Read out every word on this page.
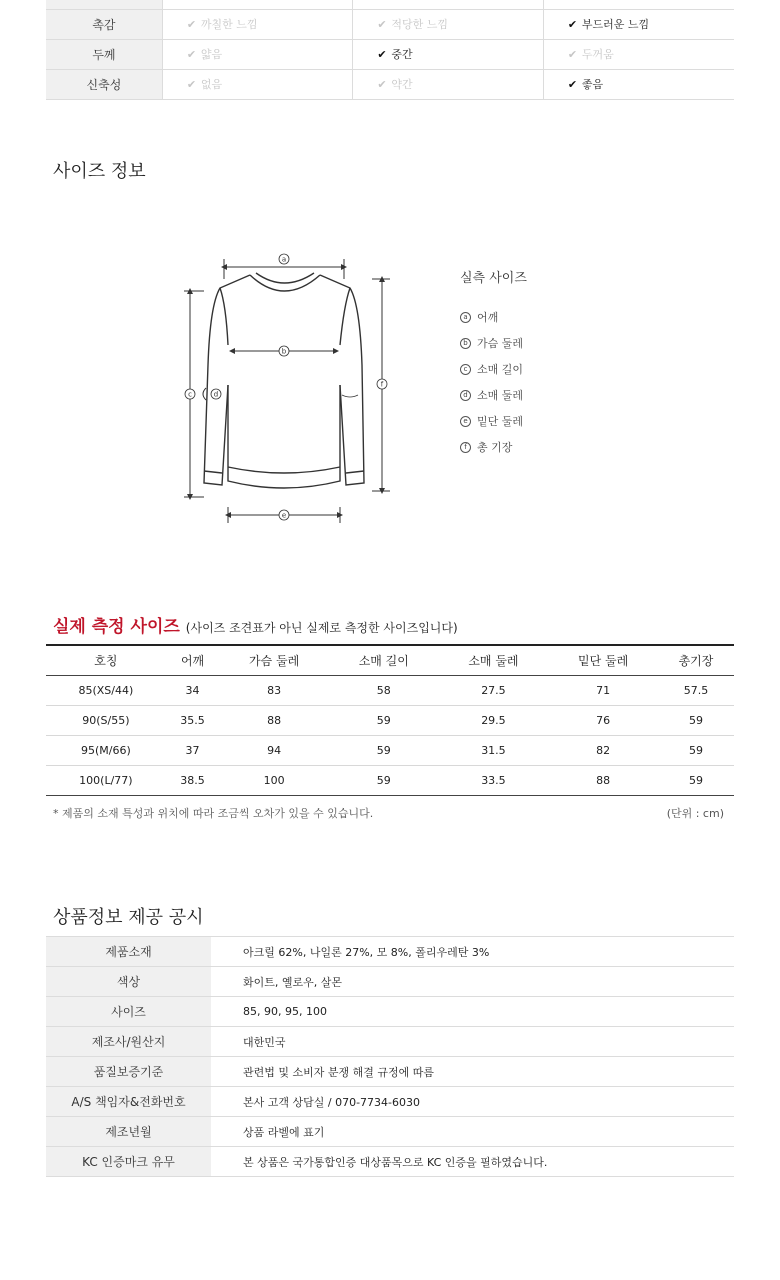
촉감	✔ 까칠한 느낌	✔ 적당한 느낌	✔ 부드러운 느낌
두께	✔ 얇음	✔ 중간	✔ 두꺼움
신축성	✔ 없음	✔ 약간	✔ 좋음
사이즈 정보
a
b
c	d
e
f
실측 사이즈
a 어깨
b 가슴 둘레
c 소매 길이
d 소매 둘레
e 밑단 둘레
f 총 기장
실제 측정 사이즈 (사이즈 조견표가 아닌 실제로 측정한 사이즈입니다)
호칭	어깨	가슴 둘레	소매 길이	소매 둘레	밑단 둘레	총기장
85(XS/44)	34	83	58	27.5	71	57.5
90(S/55)	35.5	88	59	29.5	76	59
95(M/66)	37	94	59	31.5	82	59
100(L/77)	38.5	100	59	33.5	88	59
* 제품의 소재 특성과 위치에 따라 조금씩 오차가 있을 수 있습니다.	(단위 : cm)
상품정보 제공 공시
제품소재	아크릴 62%, 나일론 27%, 모 8%, 폴리우레탄 3%
색상	화이트, 옐로우, 살몬
사이즈	85, 90, 95, 100
제조사/원산지	대한민국
품질보증기준	관련법 및 소비자 분쟁 해결 규정에 따름
A/S 책임자&전화번호	본사 고객 상담실 / 070-7734-6030
제조년월	상품 라벨에 표기
KC 인증마크 유무	본 상품은 국가통합인증 대상품목으로 KC 인증을 필하였습니다.
